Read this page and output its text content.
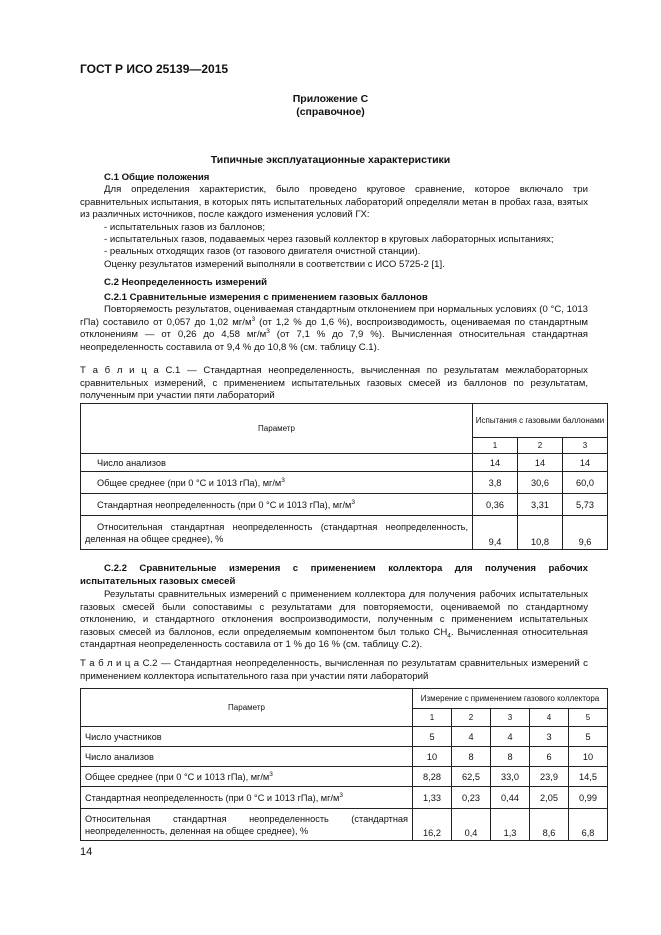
ГОСТ Р ИСО 25139—2015
Приложение С
(справочное)
Типичные эксплуатационные характеристики
С.1 Общие положения
Для определения характеристик, было проведено круговое сравнение, которое включало три сравнительных испытания, в которых пять испытательных лабораторий определяли метан в пробах газа, взятых из различных источников, после каждого изменения условий ГХ:
- испытательных газов из баллонов;
- испытательных газов, подаваемых через газовый коллектор в круговых лабораторных испытаниях;
- реальных отходящих газов (от газового двигателя очистной станции).
Оценку результатов измерений выполняли в соответствии с ИСО 5725-2 [1].
С.2 Неопределенность измерений
С.2.1 Сравнительные измерения с применением газовых баллонов
Повторяемость результатов, оцениваемая стандартным отклонением при нормальных условиях (0 °С, 1013 гПа) составило от 0,057 до 1,02 $мг/м^3$ (от 1,2 % до 1,6 %), воспроизводимость, оцениваемая по стандартным отклонениям — от 0,26 до 4,58 $мг/м^3$ (от 7,1 % до 7,9 %). Вычисленная относительная стандартная неопределенность составила от 9,4 % до 10,8 % (см. таблицу С.1).
Т а б л и ц а С.1 — Стандартная неопределенность, вычисленная по результатам межлабораторных сравнительных измерений, с применением испытательных газовых смесей из баллонов по результатам, полученным при участии пяти лабораторий
Параметр	Испытания с газовыми баллонами		
	1	2	3
Число анализов	14	14	14
Общее среднее (при 0 °С и 1013 гПа), $мг/м^3$	3,8	30,6	60,0
Стандартная неопределенность (при 0 °С и 1013 гПа), $мг/м^3$	0,36	3,31	5,73
Относительная стандартная неопределенность (стандартная неопределенность, деленная на общее среднее), %	9,4	10,8	9,6
С.2.2 Сравнительные измерения с применением коллектора для получения рабочих испытательных газовых смесей
Результаты сравнительных измерений с применением коллектора для получения рабочих испытательных газовых смесей были сопоставимы с результатами для повторяемости, оцениваемой по стандартному отклонению, и стандартного отклонения воспроизводимости, полученным с применением испытательных газовых смесей из баллонов, если определяемым компонентом был только СН4. Вычисленная относительная стандартная неопределенность составила от 1 % до 16 % (см. таблицу С.2).
Т а б л и ц а С.2 — Стандартная неопределенность, вычисленная по результатам сравнительных измерений с применением коллектора испытательного газа при участии пяти лабораторий
Параметр	Измерение с применением газового коллектора				
	1	2	3	4	5
Число участников	5	4	4	3	5
Число анализов	10	8	8	6	10
Общее среднее (при 0 °С и 1013 гПа), $мг/м^3$	8,28	62,5	33,0	23,9	14,5
Стандартная неопределенность (при 0 °С и 1013 гПа), $мг/м^3$	1,33	0,23	0,44	2,05	0,99
Относительная стандартная неопределенность (стандартная неопределенность, деленная на общее среднее), %	16,2	0,4	1,3	8,6	6,8
14
